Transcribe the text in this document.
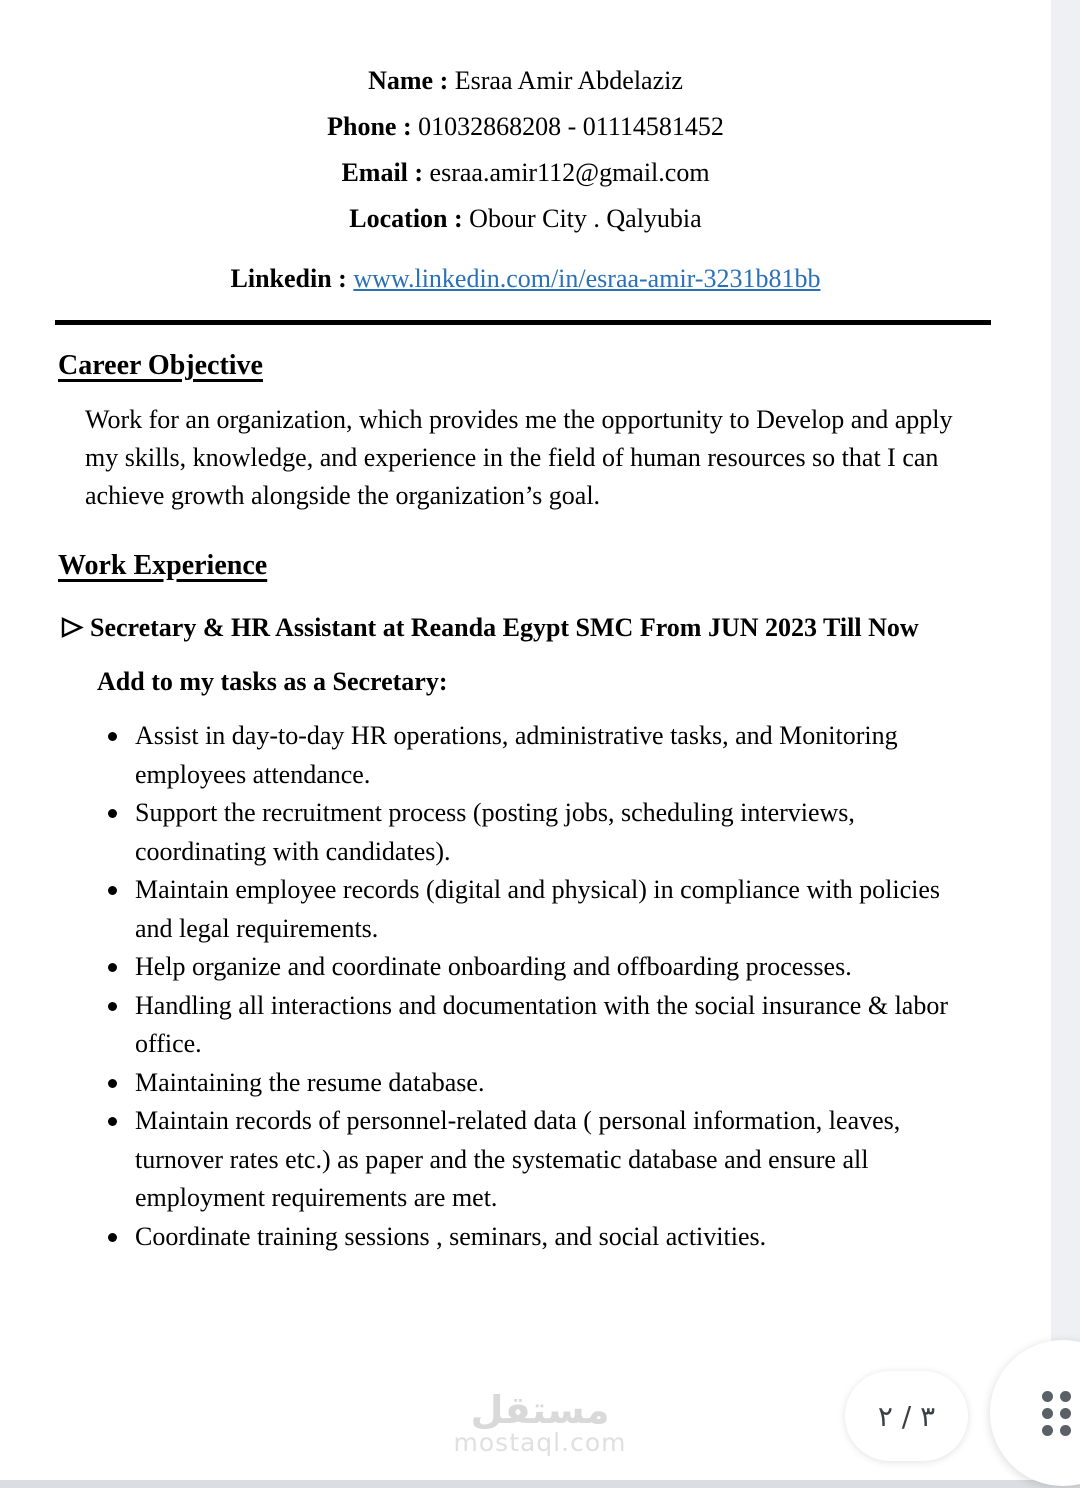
Name : Esraa Amir Abdelaziz
Phone : 01032868208 - 01114581452
Email : esraa.amir112@gmail.com
Location : Obour City . Qalyubia
Linkedin : www.linkedin.com/in/esraa-amir-3231b81bb
Career Objective

Work for an organization, which provides me the opportunity to Develop and apply my skills, knowledge, and experience in the field of human resources so that I can achieve growth alongside the organization’s goal.

Work Experience
Secretary & HR Assistant at Reanda Egypt SMC From JUN 2023 Till Now
Add to my tasks as a Secretary:
Assist in day-to-day HR operations, administrative tasks, and Monitoring employees attendance.
Support the recruitment process (posting jobs, scheduling interviews, coordinating with candidates).
Maintain employee records (digital and physical) in compliance with policies and legal requirements.
Help organize and coordinate onboarding and offboarding processes.
Handling all interactions and documentation with the social insurance & labor office.
Maintaining the resume database.
Maintain records of personnel-related data ( personal information, leaves, turnover rates etc.) as paper and the systematic database and ensure all employment requirements are met.
Coordinate training sessions , seminars, and social activities.
مستقل
mostaql.com
٣ / ٢
